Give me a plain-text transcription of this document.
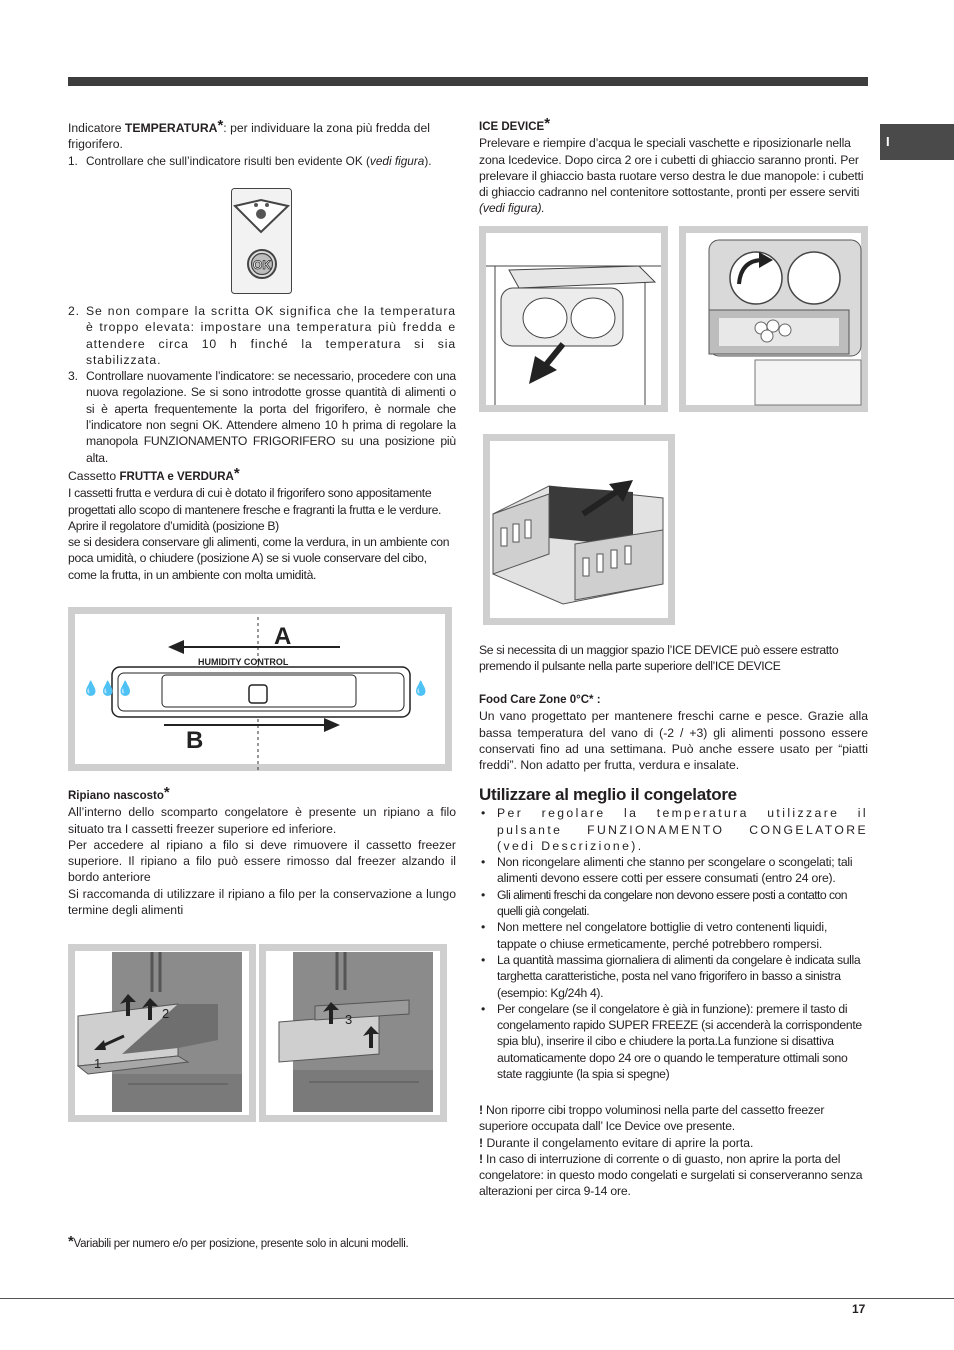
I

Indicatore TEMPERATURA*: per individuare la zona più fredda del frigorifero.

1. Controllare che sull’indicatore risulti ben evidente OK (vedi figura).

OK

2. Se non compare la scritta OK significa che la temperatura è troppo elevata: impostare una temperatura più fredda e attendere circa 10 h finché la temperatura si sia stabilizzata.

3. Controllare nuovamente l’indicatore: se necessario, procedere con una nuova regolazione. Se si sono introdotte grosse quantità di alimenti o si è aperta frequentemente la porta del frigorifero, è normale che l’indicatore non segni OK. Attendere almeno 10 h prima di regolare la manopola FUNZIONAMENTO FRIGORIFERO su una posizione più alta.

Cassetto FRUTTA e VERDURA*

I cassetti frutta e verdura di cui è dotato il frigorifero sono appositamente progettati allo scopo di mantenere fresche e fragranti la frutta e le verdure. Aprire il regolatore d’umidità (posizione B)

se si desidera conservare gli alimenti, come la verdura, in un ambiente con poca umidità, o chiudere (posizione A) se si vuole conservare del cibo, come la frutta, in un ambiente con molta umidità.

A
HUMIDITY CONTROL
💧💧💧	💧
B

Ripiano nascosto*

All’interno dello scomparto congelatore è presente un ripiano a filo situato tra I cassetti freezer superiore ed inferiore.

Per accedere al ripiano a filo si deve rimuovere il cassetto freezer superiore. Il ripiano a filo può essere rimosso dal freezer alzando il bordo anteriore

Si raccomanda di utilizzare il ripiano a filo per la conservazione a lungo termine degli alimenti

2
1
3

*Variabili per numero e/o per posizione, presente solo in alcuni modelli.

ICE DEVICE*

Prelevare e riempire d’acqua le speciali vaschette e riposizionarle nella zona Icedevice. Dopo circa 2 ore i cubetti di ghiaccio saranno pronti. Per prelevare il ghiaccio basta ruotare verso destra le due manopole: i cubetti di ghiaccio cadranno nel contenitore sottostante, pronti per essere serviti (vedi figura).

Se si necessita di un maggior spazio l’ICE DEVICE può essere estratto premendo il pulsante nella parte superiore dell’ICE DEVICE

Food Care Zone 0°C* :

Un vano progettato per mantenere freschi carne e pesce. Grazie alla bassa temperatura del vano di (-2 / +3) gli alimenti possono essere conservati fino ad una settimana. Può anche essere usato per “piatti freddi”. Non adatto per frutta, verdura e insalate.

Utilizzare al meglio il congelatore

• Per regolare la temperatura utilizzare il pulsante FUNZIONAMENTO CONGELATORE (vedi Descrizione).
• Non ricongelare alimenti che stanno per scongelare o scongelati; tali alimenti devono essere cotti per essere consumati (entro 24 ore).
• Gli alimenti freschi da congelare non devono essere posti a contatto con quelli già congelati.
• Non mettere nel congelatore bottiglie di vetro contenenti liquidi, tappate o chiuse ermeticamente, perché potrebbero rompersi.
• La quantità massima giornaliera di alimenti da congelare è indicata sulla targhetta caratteristiche, posta nel vano frigorifero in basso a sinistra (esempio: Kg/24h 4).
• Per congelare (se il congelatore è già in funzione): premere il tasto di congelamento rapido SUPER FREEZE (si accenderà la corrispondente spia blu), inserire il cibo e chiudere la porta.La funzione si disattiva automaticamente dopo 24 ore o quando le temperature ottimali sono state raggiunte (la spia si spegne)

! Non riporre cibi troppo voluminosi nella parte del cassetto freezer superiore occupata dall’ Ice Device ove presente.

! Durante il congelamento evitare di aprire la porta.

! In caso di interruzione di corrente o di guasto, non aprire la porta del congelatore: in questo modo congelati e surgelati si conserveranno senza alterazioni per circa 9-14 ore.

17
